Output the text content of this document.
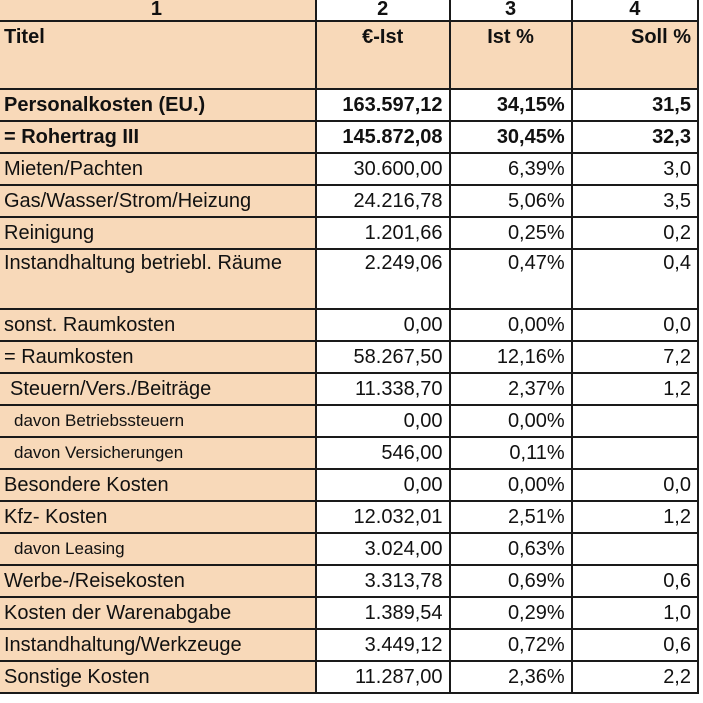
1	2	3	4
Titel	€-Ist	Ist %	Soll %
Personalkosten (EU.)	163.597,12	34,15%	31,5
= Rohertrag III	145.872,08	30,45%	32,3
Mieten/Pachten	30.600,00	6,39%	3,0
Gas/Wasser/Strom/Heizung	24.216,78	5,06%	3,5
Reinigung	1.201,66	0,25%	0,2
Instandhaltung betriebl. Räume	2.249,06	0,47%	0,4
sonst. Raumkosten	0,00	0,00%	0,0
= Raumkosten	58.267,50	12,16%	7,2
Steuern/Vers./Beiträge	11.338,70	2,37%	1,2
davon Betriebssteuern	0,00	0,00%	
davon Versicherungen	546,00	0,11%	
Besondere Kosten	0,00	0,00%	0,0
Kfz- Kosten	12.032,01	2,51%	1,2
davon Leasing	3.024,00	0,63%	
Werbe-/Reisekosten	3.313,78	0,69%	0,6
Kosten der Warenabgabe	1.389,54	0,29%	1,0
Instandhaltung/Werkzeuge	3.449,12	0,72%	0,6
Sonstige Kosten	11.287,00	2,36%	2,2
